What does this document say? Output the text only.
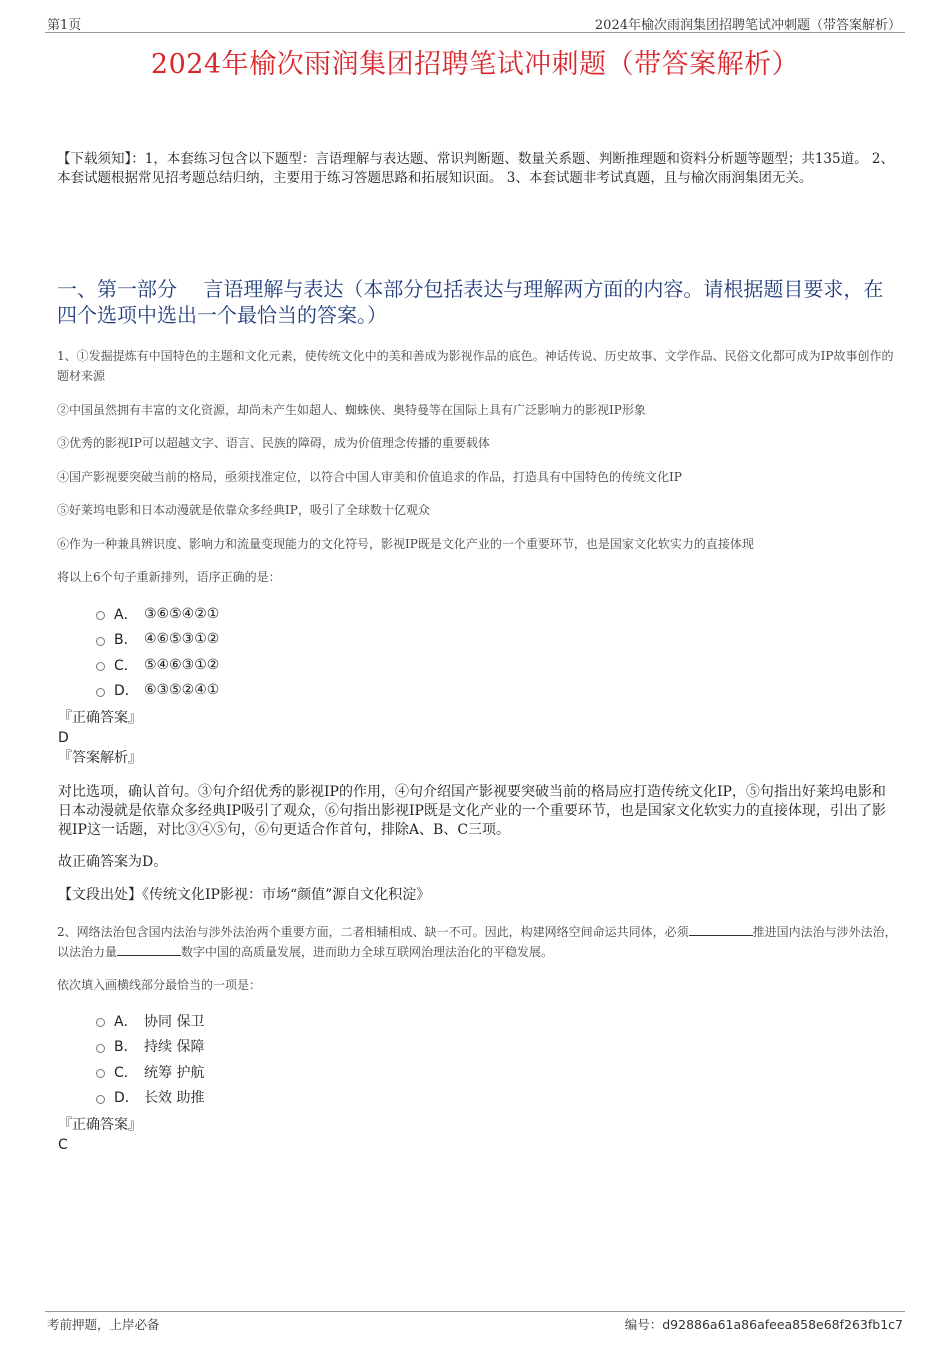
第1页	2024年榆次雨润集团招聘笔试冲刺题（带答案解析）
2024年榆次雨润集团招聘笔试冲刺题（带答案解析）
【下载须知】：1，本套练习包含以下题型：言语理解与表达题、常识判断题、数量关系题、判断推理题和资料分析题等题型；共135道。 2、本套试题根据常见招考题总结归纳，主要用于练习答题思路和拓展知识面。 3、本套试题非考试真题，且与榆次雨润集团无关。
一、第一部分　 言语理解与表达（本部分包括表达与理解两方面的内容。请根据题目要求，在四个选项中选出一个最恰当的答案。）
1、①发掘提炼有中国特色的主题和文化元素，使传统文化中的美和善成为影视作品的底色。神话传说、历史故事、文学作品、民俗文化都可成为IP故事创作的题材来源
②中国虽然拥有丰富的文化资源，却尚未产生如超人、蜘蛛侠、奥特曼等在国际上具有广泛影响力的影视IP形象
③优秀的影视IP可以超越文字、语言、民族的障碍，成为价值理念传播的重要载体
④国产影视要突破当前的格局，亟须找准定位，以符合中国人审美和价值追求的作品，打造具有中国特色的传统文化IP
⑤好莱坞电影和日本动漫就是依靠众多经典IP，吸引了全球数十亿观众
⑥作为一种兼具辨识度、影响力和流量变现能力的文化符号，影视IP既是文化产业的一个重要环节，也是国家文化软实力的直接体现
将以上6个句子重新排列，语序正确的是：
A． ③⑥⑤④②①
B． ④⑥⑤③①②
C． ⑤④⑥③①②
D． ⑥③⑤②④①
『正确答案』
D
『答案解析』
对比选项，确认首句。③句介绍优秀的影视IP的作用，④句介绍国产影视要突破当前的格局应打造传统文化IP，⑤句指出好莱坞电影和日本动漫就是依靠众多经典IP吸引了观众，⑥句指出影视IP既是文化产业的一个重要环节，也是国家文化软实力的直接体现，引出了影视IP这一话题，对比③④⑤句，⑥句更适合作首句，排除A、B、C三项。
故正确答案为D。
【文段出处】《传统文化IP影视：市场“颜值”源自文化积淀》
2、网络法治包含国内法治与涉外法治两个重要方面，二者相辅相成、缺一不可。因此，构建网络空间命运共同体，必须	推进国内法治与涉外法治，以法治力量	数字中国的高质量发展，进而助力全球互联网治理法治化的平稳发展。
依次填入画横线部分最恰当的一项是：
A． 协同 保卫
B． 持续 保障
C． 统筹 护航
D． 长效 助推
『正确答案』
C
考前押题，上岸必备	编号：d92886a61a86afeea858e68f263fb1c7
